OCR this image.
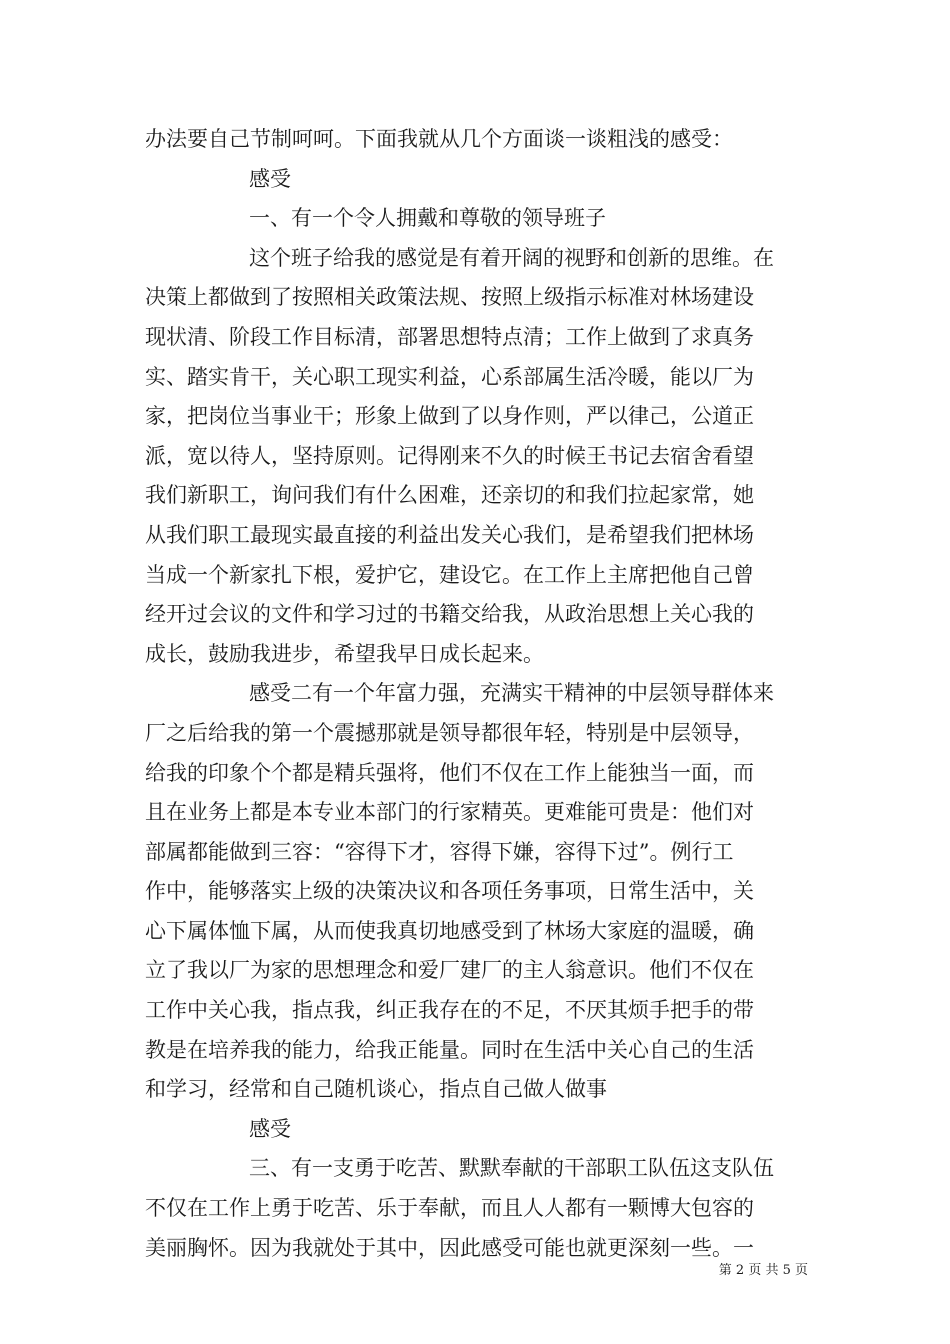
办法要自己节制呵呵。下面我就从几个方面谈一谈粗浅的感受：
感受
一、有一个令人拥戴和尊敬的领导班子
这个班子给我的感觉是有着开阔的视野和创新的思维。在
决策上都做到了按照相关政策法规、按照上级指示标准对林场建设
现状清、阶段工作目标清，部署思想特点清；工作上做到了求真务
实、踏实肯干，关心职工现实利益，心系部属生活冷暖，能以厂为
家，把岗位当事业干；形象上做到了以身作则，严以律己，公道正
派，宽以待人，坚持原则。记得刚来不久的时候王书记去宿舍看望
我们新职工，询问我们有什么困难，还亲切的和我们拉起家常，她
从我们职工最现实最直接的利益出发关心我们，是希望我们把林场
当成一个新家扎下根，爱护它，建设它。在工作上主席把他自己曾
经开过会议的文件和学习过的书籍交给我，从政治思想上关心我的
成长，鼓励我进步，希望我早日成长起来。
感受二有一个年富力强，充满实干精神的中层领导群体来
厂之后给我的第一个震撼那就是领导都很年轻，特别是中层领导，
给我的印象个个都是精兵强将，他们不仅在工作上能独当一面，而
且在业务上都是本专业本部门的行家精英。更难能可贵是：他们对
部属都能做到三容：“容得下才，容得下嫌，容得下过”。例行工
作中，能够落实上级的决策决议和各项任务事项，日常生活中，关
心下属体恤下属，从而使我真切地感受到了林场大家庭的温暖，确
立了我以厂为家的思想理念和爱厂建厂的主人翁意识。他们不仅在
工作中关心我，指点我，纠正我存在的不足，不厌其烦手把手的带
教是在培养我的能力，给我正能量。同时在生活中关心自己的生活
和学习，经常和自己随机谈心，指点自己做人做事
感受
三、有一支勇于吃苦、默默奉献的干部职工队伍这支队伍
不仅在工作上勇于吃苦、乐于奉献，而且人人都有一颗博大包容的
美丽胸怀。因为我就处于其中，因此感受可能也就更深刻一些。一
第 2 页 共 5 页
